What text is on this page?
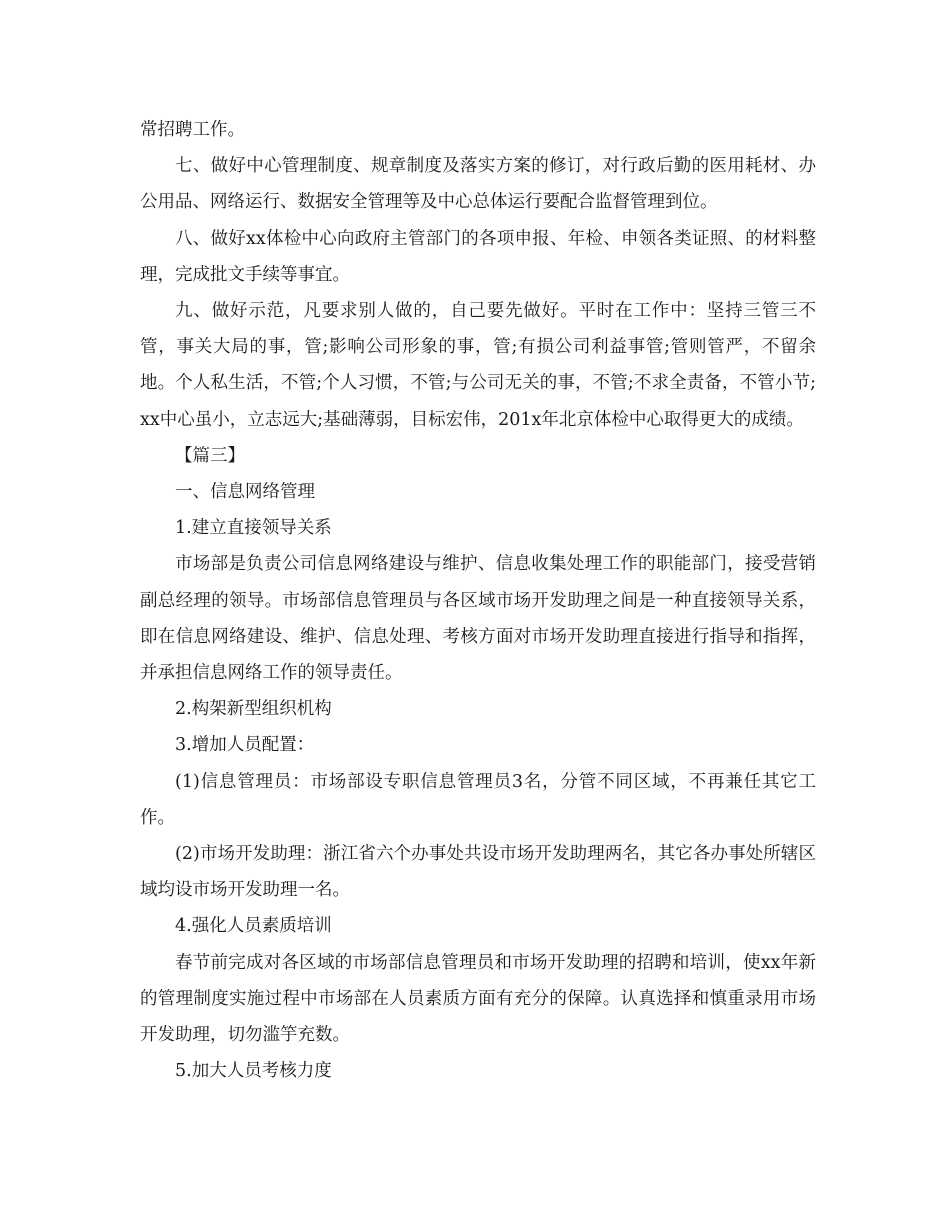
常招聘工作。

七、做好中心管理制度、规章制度及落实方案的修订，对行政后勤的医用耗材、办公用品、网络运行、数据安全管理等及中心总体运行要配合监督管理到位。

八、做好xx体检中心向政府主管部门的各项申报、年检、申领各类证照、的材料整理，完成批文手续等事宜。

九、做好示范，凡要求别人做的，自己要先做好。平时在工作中：坚持三管三不管，事关大局的事，管;影响公司形象的事，管;有损公司利益事管;管则管严，不留余地。个人私生活，不管;个人习惯，不管;与公司无关的事，不管;不求全责备，不管小节;xx中心虽小，立志远大;基础薄弱，目标宏伟，201x年北京体检中心取得更大的成绩。

【篇三】

一、信息网络管理

1.建立直接领导关系

市场部是负责公司信息网络建设与维护、信息收集处理工作的职能部门，接受营销副总经理的领导。市场部信息管理员与各区域市场开发助理之间是一种直接领导关系，即在信息网络建设、维护、信息处理、考核方面对市场开发助理直接进行指导和指挥，并承担信息网络工作的领导责任。

2.构架新型组织机构

3.增加人员配置：

(1)信息管理员：市场部设专职信息管理员3名，分管不同区域，不再兼任其它工作。

(2)市场开发助理：浙江省六个办事处共设市场开发助理两名，其它各办事处所辖区域均设市场开发助理一名。

4.强化人员素质培训

春节前完成对各区域的市场部信息管理员和市场开发助理的招聘和培训，使xx年新的管理制度实施过程中市场部在人员素质方面有充分的保障。认真选择和慎重录用市场开发助理，切勿滥竽充数。

5.加大人员考核力度
